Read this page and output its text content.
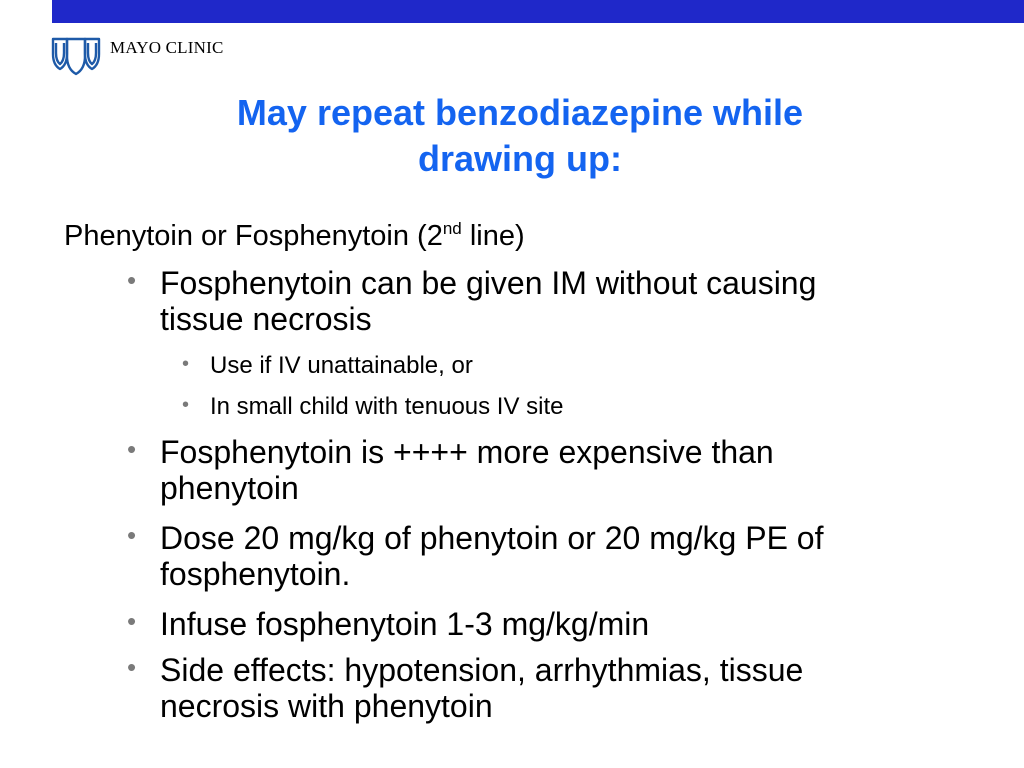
MAYO CLINIC
May repeat benzodiazepine while
drawing up:
Phenytoin or Fosphenytoin (2nd line)
• Fosphenytoin can be given IM without causing tissue necrosis
• Use if IV unattainable, or
• In small child with tenuous IV site
• Fosphenytoin is ++++ more expensive than phenytoin
• Dose 20 mg/kg of phenytoin or 20 mg/kg PE of fosphenytoin.
• Infuse fosphenytoin 1-3 mg/kg/min
• Side effects: hypotension, arrhythmias, tissue necrosis with phenytoin
